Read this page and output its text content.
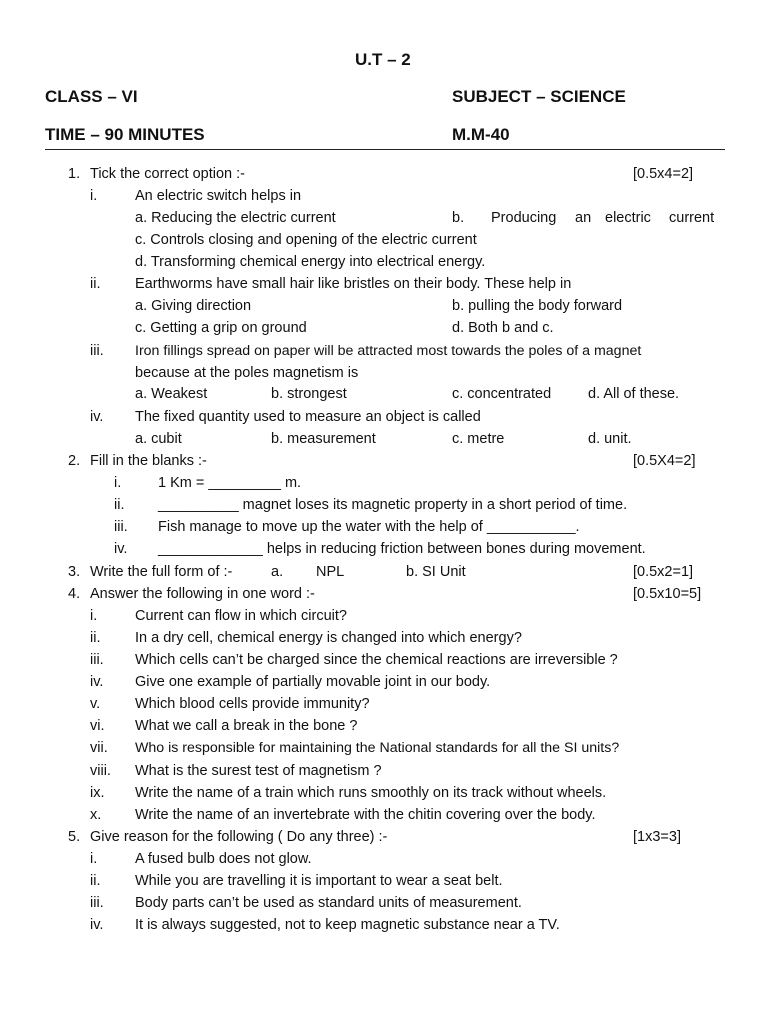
U.T – 2
CLASS – VI	SUBJECT – SCIENCE
TIME – 90 MINUTES	M.M-40
1. Tick the correct option :-	[0.5x4=2]
i.	An electric switch helps in
a. Reducing the electric current	b. Producing an electric current
c. Controls closing and opening of the electric current
d. Transforming chemical energy into electrical energy.
ii. Earthworms have small hair like bristles on their body. These help in
a. Giving direction	b. pulling the body forward
c. Getting a grip on ground	d. Both b and c.
iii. Iron fillings spread on paper will be attracted most towards the poles of a magnet
because at the poles magnetism is
a. Weakest	b. strongest	c. concentrated	d. All of these.
iv. The fixed quantity used to measure an object is called
a. cubit	b. measurement	c. metre	d. unit.
2. Fill in the blanks :-	[0.5X4=2]
i.	1 Km = _________ m.
ii. __________ magnet loses its magnetic property in a short period of time.
iii. Fish manage to move up the water with the help of ___________.
iv. _____________ helps in reducing friction between bones during movement.
3. Write the full form of :-	a. NPL	b. SI Unit	[0.5x2=1]
4. Answer the following in one word :-	[0.5x10=5]
i.	Current can flow in which circuit?
ii. In a dry cell, chemical energy is changed into which energy?
iii. Which cells can’t be charged since the chemical reactions are irreversible ?
iv. Give one example of partially movable joint in our body.
v. Which blood cells provide immunity?
vi. What we call a break in the bone ?
vii. Who is responsible for maintaining the National standards for all the SI units?
viii. What is the surest test of magnetism ?
ix. Write the name of a train which runs smoothly on its track without wheels.
x. Write the name of an invertebrate with the chitin covering over the body.
5. Give reason for the following ( Do any three) :-	[1x3=3]
i.	A fused bulb does not glow.
ii. While you are travelling it is important to wear a seat belt.
iii. Body parts can’t be used as standard units of measurement.
iv. It is always suggested, not to keep magnetic substance near a TV.
